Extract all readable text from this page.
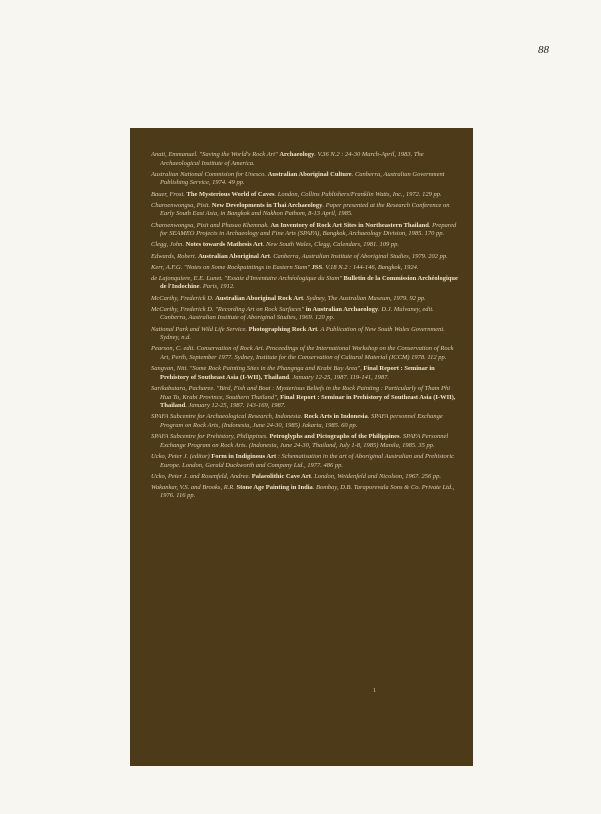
88
Anati, Emmanuel. "Saving the World's Rock Art" Archaeology. V.36 N.2 : 24-30 March-April, 1983. The Archaeological Institute of America.
Australian National Commision for Unesco. Australian Aboriginal Culture. Canberra, Australian Government Publishing Service, 1974. 49 pp.
Bauer, Frost. The Mysterious World of Caves. London, Collins Publishers/Franklin Watts, Inc., 1972. 129 pp.
Charoenwongsa, Pisit. New Developments in Thai Archaeology. Paper presented at the Research Conference on Early South East Asia, in Bangkok and Nakhon Pathom, 8-13 April, 1985.
Charoenwongsa, Pisit and Phasuo Khemnak. An Inventory of Rock Art Sites in Northeastern Thailand. Prepared for SEAMEO Projects in Archaeology and Fine Arts (SPAFA), Bangkok, Archaeology Division, 1985. 170 pp.
Clegg, John. Notes towards Mathesis Art. New South Wales, Clegg, Calendars, 1981. 109 pp.
Edwards, Robert. Australian Aboriginal Art. Canberra, Australian Institute of Aboriginal Studies, 1979. 202 pp.
Kerr, A.F.G. "Notes on Some Rockpaintings in Eastern Siam" JSS. V.18 N.2 : 144-146, Bangkok, 1924.
de Lajonquiere, E.E. Lunet. "Essaie d'Inventaire Archéologique du Siam" Bulletin de la Commission Archéologique de l'Indochine. Paris, 1912.
McCarthy, Frederick D. Australian Aboriginal Rock Art. Sydney, The Australian Museum, 1979. 92 pp.
McCarthy, Frederick D. "Recording Art on Rock Surfaces" in Australian Archaeology. D.J. Mulvaney, edit. Canberra, Australian Institute of Aboriginal Studies, 1969. 120 pp.
National Park and Wild Life Service. Photographing Rock Art. A Publication of New South Wales Government. Sydney, n.d.
Pearson, C. edit. Conservation of Rock Art. Proceedings of the International Workshop on the Conservation of Rock Art, Perth, September 1977. Sydney, Institute for the Conservation of Cultural Material (ICCM) 1978. 112 pp.
Sangvan, Niti. "Some Rock Painting Sites in the Phangnga and Krabi Bay Area", Final Report : Seminar in Prehistory of Southeast Asia (I-WII), Thailand. January 12-25, 1987. 119-141, 1987.
Sarikabutara, Pacharee. "Bird, Fish and Boat : Mysterious Beliefs in the Rock Painting : Particularly of Tham Phi Hua To, Krabi Province, Southern Thailand", Final Report : Seminar in Prehistory of Southeast Asia (I-WII), Thailand. January 12-25, 1987. 143-169, 1987.
SPAFA Subcentre for Archaeological Research, Indonesia. Rock Arts in Indonesia. SPAFA personnel Exchange Program on Rock Arts, (Indonesia, June 24-30, 1985) Jakarta, 1985. 60 pp.
SPAFA Subcentre for Prehistory, Philippines. Petroglyphs and Pictographs of the Philippines. SPAFA Personnel Exchange Program on Rock Arts. (Indonesia, June 24-30, Thailand, July 1-8, 1985) Manila, 1985. 35 pp.
Ucko, Peter J. (editor) Form in Indiginous Art : Schematisation in the art of Aboriginal Australian and Prehistoric Europe. London, Gerald Duckworth and Company Ltd., 1977. 486 pp.
Ucko, Peter J. and Rosenfeld, Andree. Palaeolithic Cave Art. London, Weidenfeld and Nicolson, 1967. 256 pp.
Wakankar, V.S. and Brooks, R.R. Stone Age Painting in India. Bombay, D.B. Taraporevala Sons & Co. Private Ltd., 1976. 116 pp.
1
